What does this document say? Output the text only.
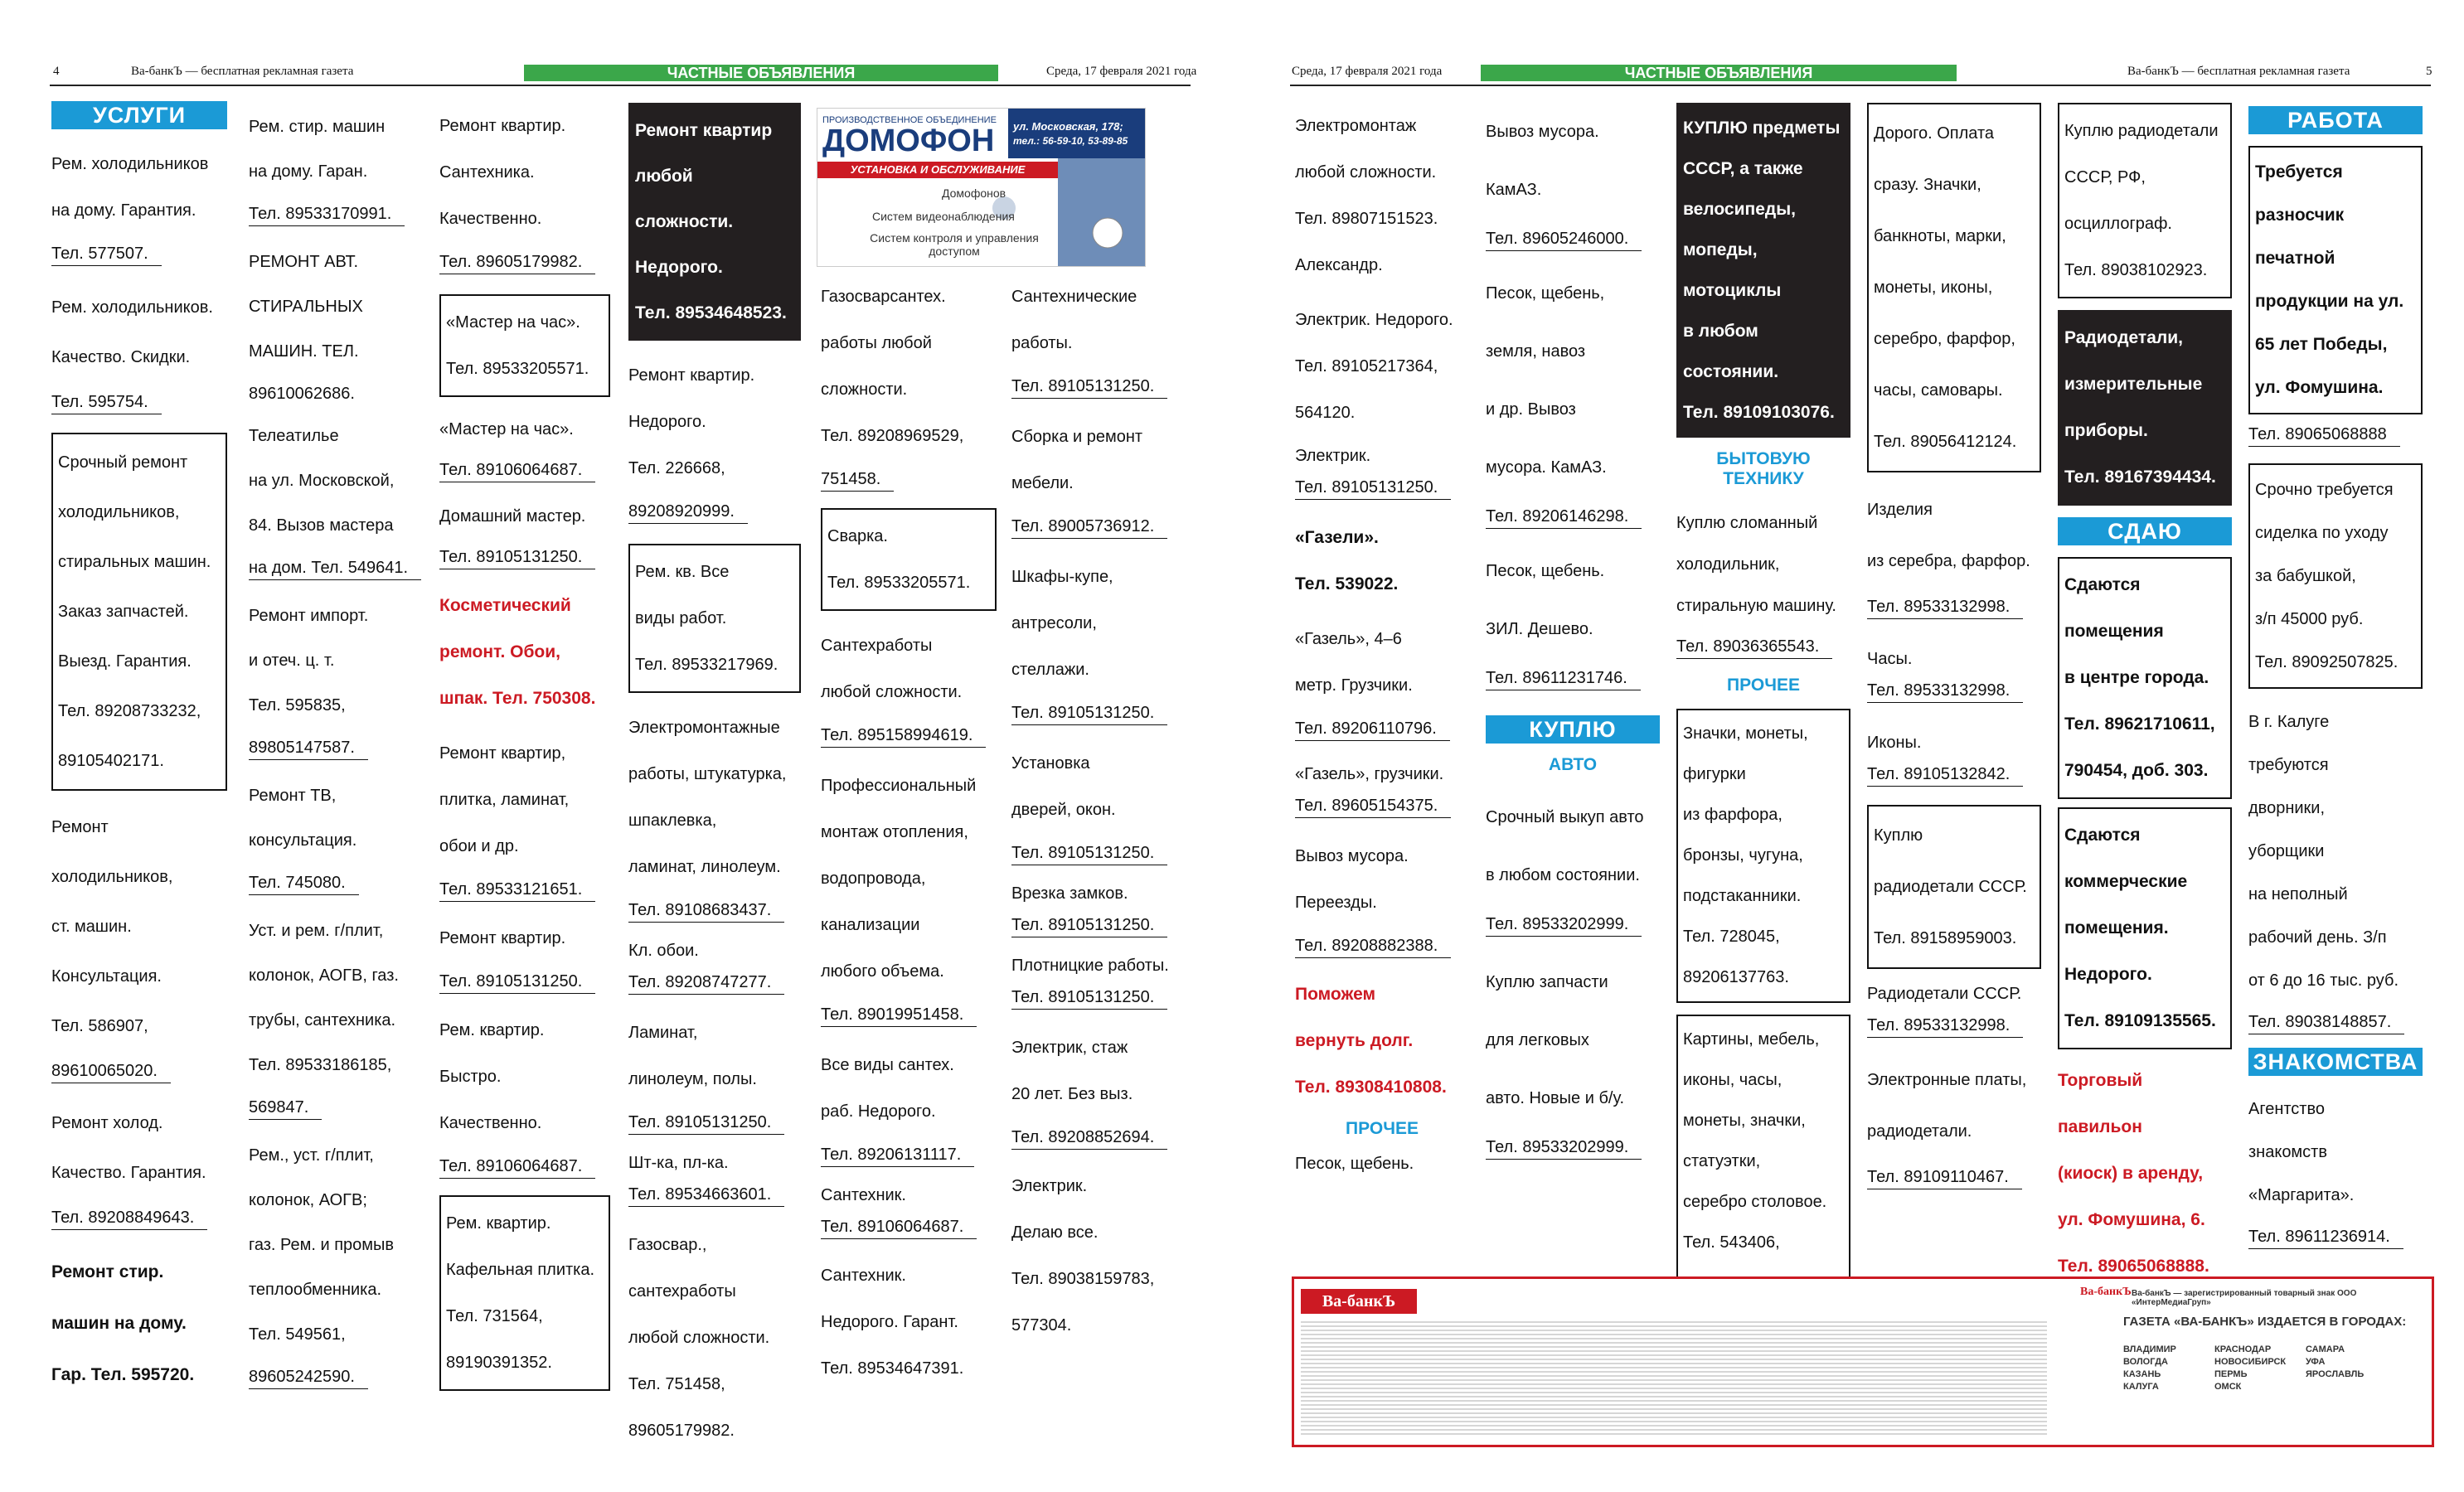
4	Ва-банкЪ — бесплатная рекламная газета	ЧАСТНЫЕ ОБЪЯВЛЕНИЯ	Среда, 17 февраля 2021 года
УСЛУГИ
Рем. холодильников
на дому. Гарантия.
Тел. 577507.
Рем. холодильников.
Качество. Скидки.
Тел. 595754.
Срочный ремонт
холодильников,
стиральных машин.
Заказ запчастей.
Выезд. Гарантия.
Тел. 89208733232,
89105402171.
Ремонт
холодильников,
ст. машин.
Консультация.
Тел. 586907,
89610065020.
Ремонт холод.
Качество. Гарантия.
Тел. 89208849643.
Ремонт стир.
машин на дому.
Гар. Тел. 595720.
Рем. стир. машин
на дому. Гаран.
Тел. 89533170991.
РЕМОНТ АВТ.
СТИРАЛЬНЫХ
МАШИН. ТЕЛ.
89610062686.
Телеатилье
на ул. Московской,
84. Вызов мастера
на дом. Тел. 549641.
Ремонт импорт.
и отеч. ц. т.
Тел. 595835,
89805147587.
Ремонт ТВ,
консультация.
Тел. 745080.
Уст. и рем. г/плит,
колонок, АОГВ, газ.
трубы, сантехника.
Тел. 89533186185,
569847.
Рем., уст. г/плит,
колонок, АОГВ;
газ. Рем. и промыв
теплообменника.
Тел. 549561,
89605242590.
Ремонт квартир.
Сантехника.
Качественно.
Тел. 89605179982.
«Мастер на час».
Тел. 89533205571.
«Мастер на час».
Тел. 89106064687.
Домашний мастер.
Тел. 89105131250.
Косметический
ремонт. Обои,
шпак. Тел. 750308.
Ремонт квартир,
плитка, ламинат,
обои и др.
Тел. 89533121651.
Ремонт квартир.
Тел. 89105131250.
Рем. квартир.
Быстро.
Качественно.
Тел. 89106064687.
Рем. квартир.
Кафельная плитка.
Тел. 731564,
89190391352.
Ремонт квартир
любой сложности.
Недорого.
Тел. 89534648523.
Ремонт квартир.
Недорого.
Тел. 226668,
89208920999.
Рем. кв. Все
виды работ.
Тел. 89533217969.
Электромонтажные
работы, штукатурка,
шпаклевка,
ламинат, линолеум.
Тел. 89108683437.
Кл. обои.
Тел. 89208747277.
Ламинат,
линолеум, полы.
Тел. 89105131250.
Шт-ка, пл-ка.
Тел. 89534663601.
Газосвар.,
сантехработы
любой сложности.
Тел. 751458,
89605179982.
ПРОИЗВОДСТВЕННОЕ ОБЪЕДИНЕНИЕ
ДОМОФОН ул. Московская, 178;
тел.: 56-59-10, 53-89-85
УСТАНОВКА И ОБСЛУЖИВАНИЕ
Домофонов
Систем видеонаблюдения
Систем контроля и управления доступом
Газосварсантех.
работы любой
сложности.
Тел. 89208969529,
751458.
Сварка.
Тел. 89533205571.
Сантехработы
любой сложности.
Тел. 895158994619.
Профессиональный
монтаж отопления,
водопровода,
канализации
любого объема.
Тел. 89019951458.
Все виды сантех.
раб. Недорого.
Тел. 89206131117.
Сантехник.
Тел. 89106064687.
Сантехник.
Недорого. Гарант.
Тел. 89534647391.
Сантехнические
работы.
Тел. 89105131250.
Сборка и ремонт
мебели.
Тел. 89005736912.
Шкафы-купе,
антресоли,
стеллажи.
Тел. 89105131250.
Установка
дверей, окон.
Тел. 89105131250.
Врезка замков.
Тел. 89105131250.
Плотницкие работы.
Тел. 89105131250.
Электрик, стаж
20 лет. Без выз.
Тел. 89208852694.
Электрик.
Делаю все.
Тел. 89038159783,
577304.
Среда, 17 февраля 2021 года	ЧАСТНЫЕ ОБЪЯВЛЕНИЯ	Ва-банкЪ — бесплатная рекламная газета	5
Электромонтаж
любой сложности.
Тел. 89807151523.
Александр.
Электрик. Недорого.
Тел. 89105217364,
564120.
Электрик.
Тел. 89105131250.
«Газели».
Тел. 539022.
«Газель», 4–6
метр. Грузчики.
Тел. 89206110796.
«Газель», грузчики.
Тел. 89605154375.
Вывоз мусора.
Переезды.
Тел. 89208882388.
Поможем
вернуть долг.
Тел. 89308410808.
ПРОЧЕЕ
Песок, щебень.
Вывоз мусора.
КамАЗ.
Тел. 89605246000.
Песок, щебень,
земля, навоз
и др. Вывоз
мусора. КамАЗ.
Тел. 89206146298.
Песок, щебень.
ЗИЛ. Дешево.
Тел. 89611231746.
КУПЛЮ
АВТО
Срочный выкуп авто
в любом состоянии.
Тел. 89533202999.
Куплю запчасти
для легковых
авто. Новые и б/у.
Тел. 89533202999.
КУПЛЮ предметы
СССР, а также
велосипеды,
мопеды,
мотоциклы
в любом
состоянии.
Тел. 89109103076.
БЫТОВУЮ ТЕХНИКУ
Куплю сломанный
холодильник,
стиральную машину.
Тел. 89036365543.
ПРОЧЕЕ
Значки, монеты,
фигурки
из фарфора,
бронзы, чугуна,
подстаканники.
Тел. 728045,
89206137763.
Картины, мебель,
иконы, часы,
монеты, значки,
статуэтки,
серебро столовое.
Тел. 543406,

Дорого. Оплата
сразу. Значки,
банкноты, марки,
монеты, иконы,
серебро, фарфор,
часы, самовары.
Тел. 89056412124.
Изделия
из серебра, фарфор.
Тел. 89533132998.
Часы.
Тел. 89533132998.
Иконы.
Тел. 89105132842.
Куплю
радиодетали СССР.
Тел. 89158959003.
Радиодетали СССР.
Тел. 89533132998.
Электронные платы,
радиодетали.
Тел. 89109110467.
Куплю радиодетали
СССР, РФ,
осциллограф.
Тел. 89038102923.
Радиодетали,
измерительные
приборы.
Тел. 89167394434.
СДАЮ
Сдаются
помещения
в центре города.
Тел. 89621710611,
790454, доб. 303.
Сдаются
коммерческие
помещения.
Недорого.
Тел. 89109135565.
Торговый
павильон
(киоск) в аренду,
ул. Фомушина, 6.
Тел. 89065068888.
РАБОТА
Требуется
разносчик
печатной
продукции на ул.
65 лет Победы,
ул. Фомушина.
Тел. 89065068888
Срочно требуется
сиделка по уходу
за бабушкой,
з/п 45000 руб.
Тел. 89092507825.
В г. Калуге
требуются
дворники,
уборщики
на неполный
рабочий день. З/п
от 6 до 16 тыс. руб.
Тел. 89038148857.
ЗНАКОМСТВА
Агентство
знакомств
«Маргарита».
Тел. 89611236914.
Ва-банкЪ
Ва-банкЪ Ва-банкЪ — зарегистрированный товарный знак ООО «ИнтерМедиаГруп»
ГАЗЕТА «ВА-БАНКЪ» ИЗДАЕТСЯ В ГОРОДАХ:
ВЛАДИМИР
ВОЛОГДА
КАЗАНЬ
КАЛУГА
КРАСНОДАР
НОВОСИБИРСК
ПЕРМЬ
ОМСК
САМАРА
УФА
ЯРОСЛАВЛЬ
